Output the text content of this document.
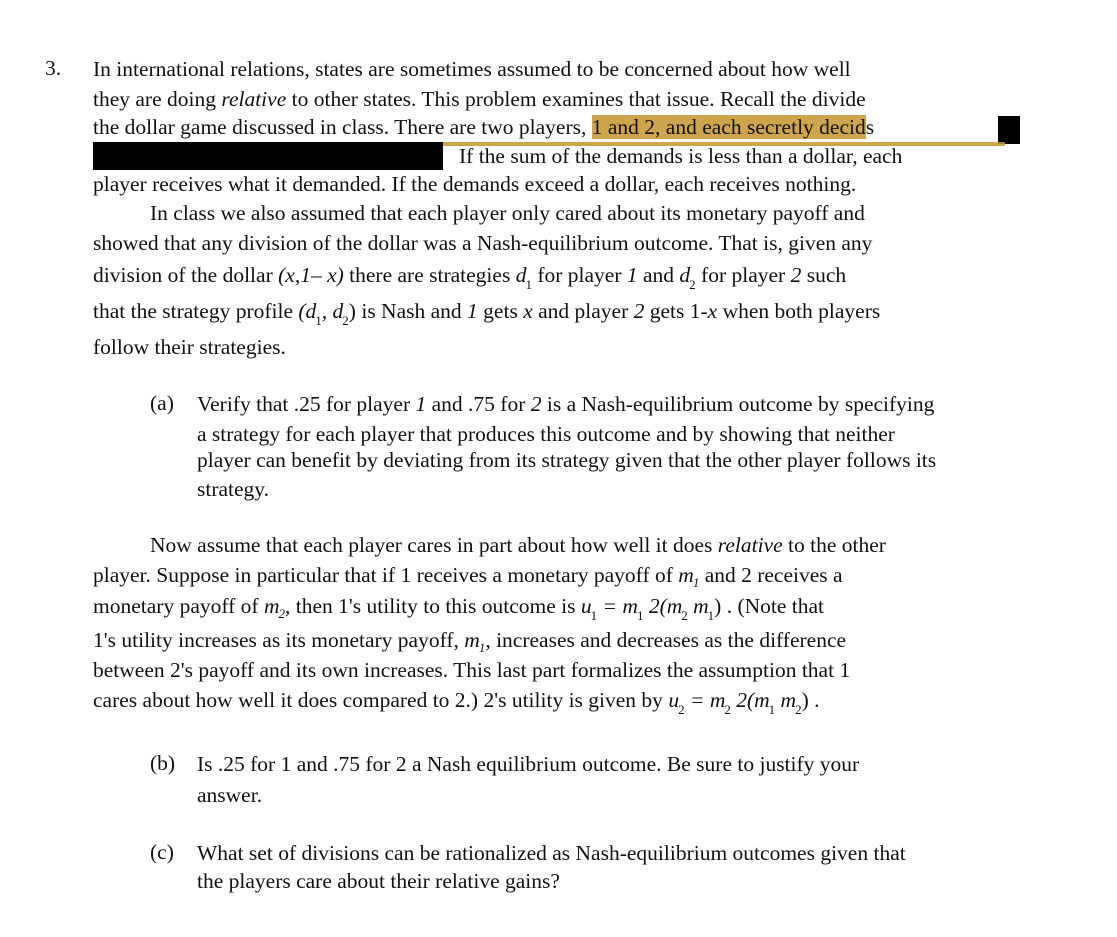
3. In international relations, states are sometimes assumed to be concerned about how well
they are doing relative to other states. This problem examines that issue. Recall the divide
the dollar game discussed in class. There are two players, 1 and 2, and each secretly decids
If the sum of the demands is less than a dollar, each
player receives what it demanded. If the demands exceed a dollar, each receives nothing.
In class we also assumed that each player only cared about its monetary payoff and
showed that any division of the dollar was a Nash-equilibrium outcome. That is, given any
division of the dollar (x,1– x) there are strategies $d_1$ for player 1 and $d_2$ for player 2 such
that the strategy profile ($d_1$, $d_2$) is Nash and 1 gets x and player 2 gets 1-x when both players
follow their strategies.
(a) Verify that .25 for player 1 and .75 for 2 is a Nash-equilibrium outcome by specifying
a strategy for each player that produces this outcome and by showing that neither
player can benefit by deviating from its strategy given that the other player follows its
strategy.
Now assume that each player cares in part about how well it does relative to the other
player. Suppose in particular that if 1 receives a monetary payoff of $m_1$ and 2 receives a
monetary payoff of $m_2$, then 1's utility to this outcome is $u_1 = m_1$ $2(m_2$ $m_1$) . (Note that
1's utility increases as its monetary payoff, $m_1$, increases and decreases as the difference
between 2's payoff and its own increases. This last part formalizes the assumption that 1
cares about how well it does compared to 2.) 2's utility is given by $u_2 = m_2$ $2(m_1$ $m_2$) .
(b) Is .25 for 1 and .75 for 2 a Nash equilibrium outcome. Be sure to justify your
answer.
(c) What set of divisions can be rationalized as Nash-equilibrium outcomes given that
the players care about their relative gains?
